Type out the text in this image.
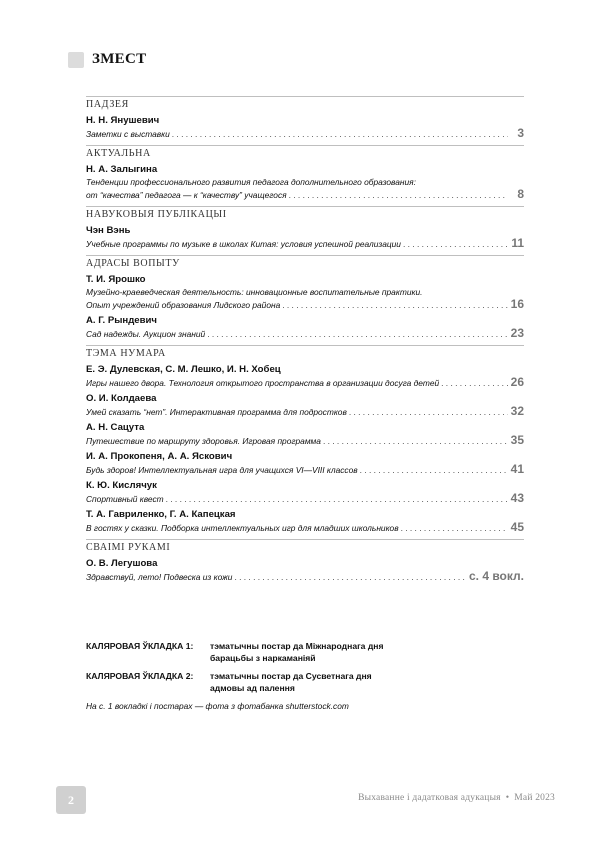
ЗМЕСТ
ПАДЗЕЯ
Н. Н. Янушевич
Заметки с выставки . . .	3
АКТУАЛЬНА
Н. А. Залыгина
Тенденции профессионального развития педагога дополнительного образования:
от “качества” педагога — к “качеству” учащегося . . .	8
НАВУКОВЫЯ ПУБЛІКАЦЫІ
Чэн Вэнь
Учебные программы по музыке в школах Китая: условия успешной реализации . . .	11
АДРАСЫ ВОПЫТУ
Т. И. Ярошко
Музейно-краеведческая деятельность: инновационные воспитательные практики.
Опыт учреждений образования Лидского района . . .	16
А. Г. Рындевич
Сад надежды. Аукцион знаний . . .	23
ТЭМА НУМАРА
Е. Э. Дулевская, С. М. Лешко, И. Н. Хобец
Игры нашего двора. Технология открытого пространства в организации досуга детей . . .	26
О. И. Колдаева
Умей сказать “нет”. Интерактивная программа для подростков . . .	32
А. Н. Сацута
Путешествие по маршруту здоровья. Игровая программа . . .	35
И. А. Прокопеня, А. А. Яскович
Будь здоров! Интеллектуальная игра для учащихся VI—VIII классов . . .	41
К. Ю. Кислячук
Спортивный квест . . .	43
Т. А. Гавриленко, Г. А. Капецкая
В гостях у сказки. Подборка интеллектуальных игр для младших школьников . . .	45
СВАІМІ РУКАМІ
О. В. Легушова
Здравствуй, лето! Подвеска из кожи . . .	с. 4 вокл.
КАЛЯРОВАЯ ЎКЛАДКА 1:	тэматычны постар да Міжнароднага дня
барацьбы з наркаманіяй
КАЛЯРОВАЯ ЎКЛАДКА 2:	тэматычны постар да Сусветнага дня
адмовы ад палення
На с. 1 вокладкі і постарах — фота з фотабанка shutterstock.com
2	Выхаванне і дадатковая адукацыя • Май 2023
